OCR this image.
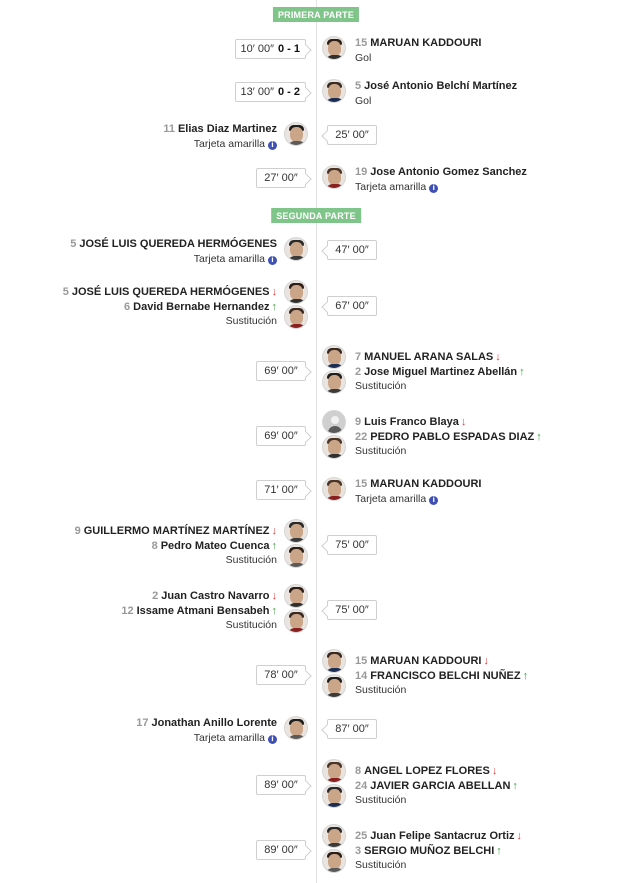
PRIMERA PARTE
SEGUNDA PARTE
10′ 00″ 0 - 1	15 MARUAN KADDOURI
Gol
13′ 00″ 0 - 2	5 José Antonio Belchí Martínez
Gol
25′ 00″
11 Elias Diaz Martinez
Tarjeta amarilla i
27′ 00″	19 Jose Antonio Gomez Sanchez
Tarjeta amarilla i
47′ 00″
5 JOSÉ LUIS QUEREDA HERMÓGENES
Tarjeta amarilla i
67′ 00″
5 JOSÉ LUIS QUEREDA HERMÓGENES ↓
6 David Bernabe Hernandez ↑
Sustitución
69′ 00″
7 MANUEL ARANA SALAS ↓
2 Jose Miguel Martinez Abellán ↑
Sustitución
69′ 00″
9 Luis Franco Blaya ↓
22 PEDRO PABLO ESPADAS DIAZ ↑
Sustitución
71′ 00″	15 MARUAN KADDOURI
Tarjeta amarilla i
75′ 00″
9 GUILLERMO MARTÍNEZ MARTÍNEZ ↓
8 Pedro Mateo Cuenca ↑
Sustitución
75′ 00″
2 Juan Castro Navarro ↓
12 Issame Atmani Bensabeh ↑
Sustitución
78′ 00″
15 MARUAN KADDOURI ↓
14 FRANCISCO BELCHI NUÑEZ ↑
Sustitución
87′ 00″
17 Jonathan Anillo Lorente
Tarjeta amarilla i
89′ 00″
8 ANGEL LOPEZ FLORES ↓
24 JAVIER GARCIA ABELLAN ↑
Sustitución
89′ 00″
25 Juan Felipe Santacruz Ortiz ↓
3 SERGIO MUÑOZ BELCHI ↑
Sustitución
